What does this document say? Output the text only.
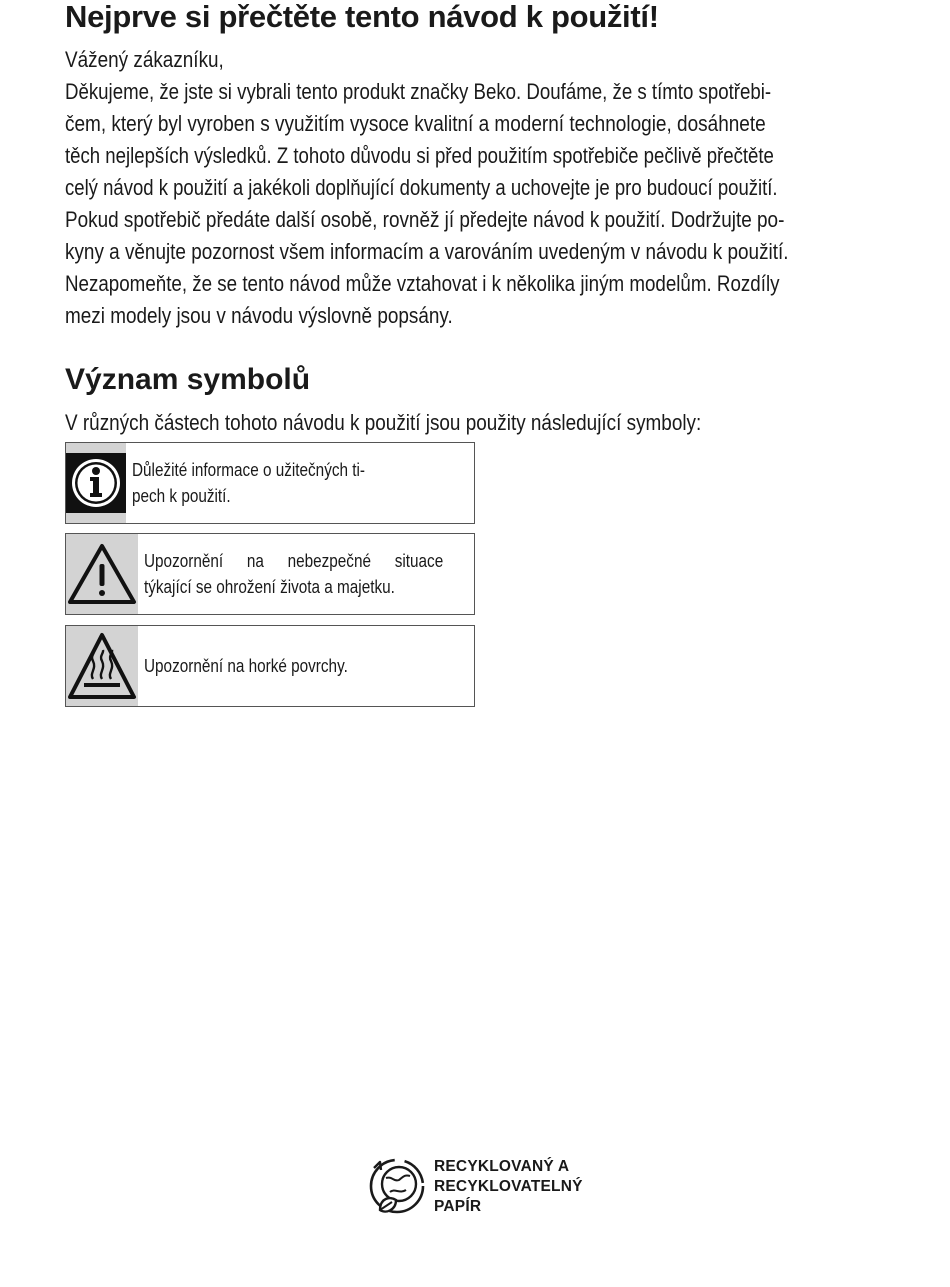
Nejprve si přečtěte tento návod k použití!
Vážený zákazníku,
Děkujeme, že jste si vybrali tento produkt značky Beko. Doufáme, že s tímto spotřebi-
čem, který byl vyroben s využitím vysoce kvalitní a moderní technologie, dosáhnete
těch nejlepších výsledků. Z tohoto důvodu si před použitím spotřebiče pečlivě přečtěte
celý návod k použití a jakékoli doplňující dokumenty a uchovejte je pro budoucí použití.
Pokud spotřebič předáte další osobě, rovněž jí předejte návod k použití. Dodržujte po-
kyny a věnujte pozornost všem informacím a varováním uvedeným v návodu k použití.
Nezapomeňte, že se tento návod může vztahovat i k několika jiným modelům. Rozdíly
mezi modely jsou v návodu výslovně popsány.
Význam symbolů
V různých částech tohoto návodu k použití jsou použity následující symboly:
Důležité informace o užitečných ti-
pech k použití.
Upozornění na nebezpečné situace
týkající se ohrožení života a majetku.
Upozornění na horké povrchy.
RECYKLOVANÝ A
RECYKLOVATELNÝ
PAPÍR
